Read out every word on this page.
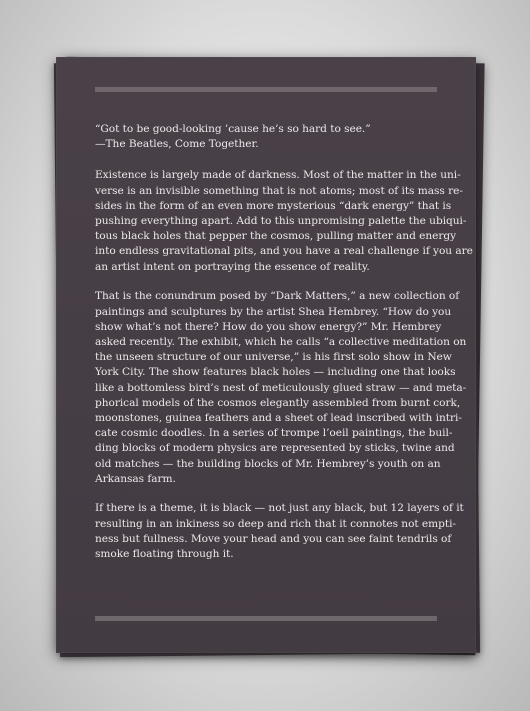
“Got to be good-looking ’cause he’s so hard to see.”
—The Beatles, Come Together.

Existence is largely made of darkness. Most of the matter in the uni-
verse is an invisible something that is not atoms; most of its mass re-
sides in the form of an even more mysterious “dark energy” that is
pushing everything apart. Add to this unpromising palette the ubiqui-
tous black holes that pepper the cosmos, pulling matter and energy
into endless gravitational pits, and you have a real challenge if you are
an artist intent on portraying the essence of reality.

That is the conundrum posed by “Dark Matters,” a new collection of
paintings and sculptures by the artist Shea Hembrey. “How do you
show what’s not there? How do you show energy?” Mr. Hembrey
asked recently. The exhibit, which he calls “a collective meditation on
the unseen structure of our universe,” is his first solo show in New
York City. The show features black holes — including one that looks
like a bottomless bird’s nest of meticulously glued straw — and meta-
phorical models of the cosmos elegantly assembled from burnt cork,
moonstones, guinea feathers and a sheet of lead inscribed with intri-
cate cosmic doodles. In a series of trompe l’oeil paintings, the buil-
ding blocks of modern physics are represented by sticks, twine and
old matches — the building blocks of Mr. Hembrey’s youth on an
Arkansas farm.

If there is a theme, it is black — not just any black, but 12 layers of it
resulting in an inkiness so deep and rich that it connotes not empti-
ness but fullness. Move your head and you can see faint tendrils of
smoke floating through it.
